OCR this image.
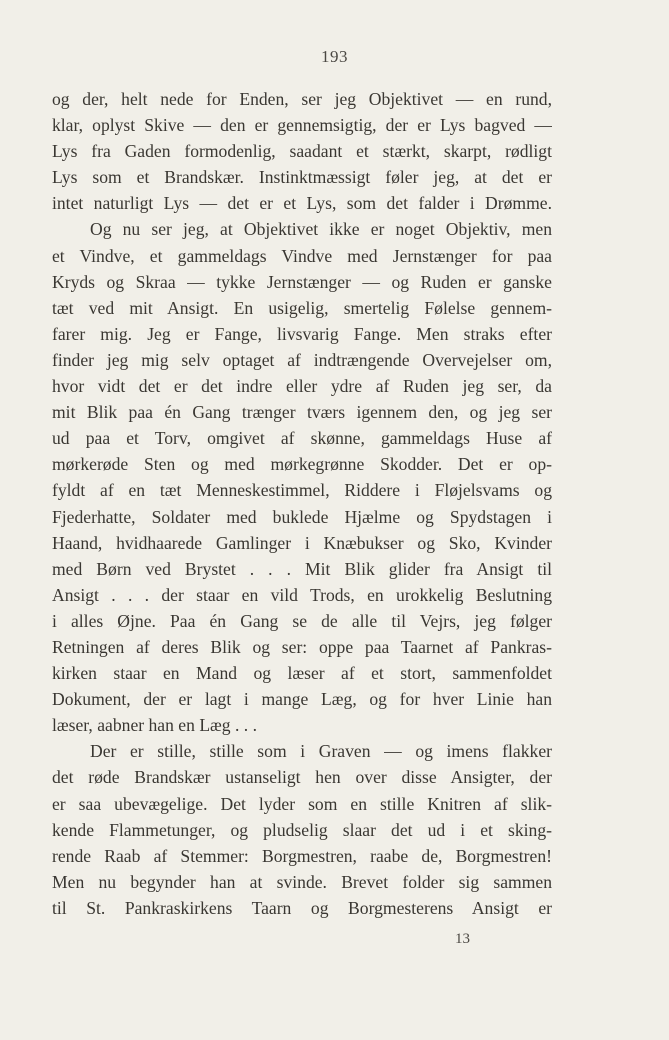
193
og der, helt nede for Enden, ser jeg Objektivet — en rund,
klar, oplyst Skive — den er gennemsigtig, der er Lys bagved —
Lys fra Gaden formodenlig, saadant et stærkt, skarpt, rødligt
Lys som et Brandskær. Instinktmæssigt føler jeg, at det er
intet naturligt Lys — det er et Lys, som det falder i Drømme.
Og nu ser jeg, at Objektivet ikke er noget Objektiv, men
et Vindve, et gammeldags Vindve med Jernstænger for paa
Kryds og Skraa — tykke Jernstænger — og Ruden er ganske
tæt ved mit Ansigt. En usigelig, smertelig Følelse gennem-
farer mig. Jeg er Fange, livsvarig Fange. Men straks efter
finder jeg mig selv optaget af indtrængende Overvejelser om,
hvor vidt det er det indre eller ydre af Ruden jeg ser, da
mit Blik paa én Gang trænger tværs igennem den, og jeg ser
ud paa et Torv, omgivet af skønne, gammeldags Huse af
mørkerøde Sten og med mørkegrønne Skodder. Det er op-
fyldt af en tæt Menneskestimmel, Riddere i Fløjelsvams og
Fjederhatte, Soldater med buklede Hjælme og Spydstagen i
Haand, hvidhaarede Gamlinger i Knæbukser og Sko, Kvinder
med Børn ved Brystet . . . Mit Blik glider fra Ansigt til
Ansigt . . . der staar en vild Trods, en urokkelig Beslutning
i alles Øjne. Paa én Gang se de alle til Vejrs, jeg følger
Retningen af deres Blik og ser: oppe paa Taarnet af Pankras-
kirken staar en Mand og læser af et stort, sammenfoldet
Dokument, der er lagt i mange Læg, og for hver Linie han
læser, aabner han en Læg . . .
Der er stille, stille som i Graven — og imens flakker
det røde Brandskær ustanseligt hen over disse Ansigter, der
er saa ubevægelige. Det lyder som en stille Knitren af slik-
kende Flammetunger, og pludselig slaar det ud i et sking-
rende Raab af Stemmer: Borgmestren, raabe de, Borgmestren!
Men nu begynder han at svinde. Brevet folder sig sammen
til St. Pankraskirkens Taarn og Borgmesterens Ansigt er
13
